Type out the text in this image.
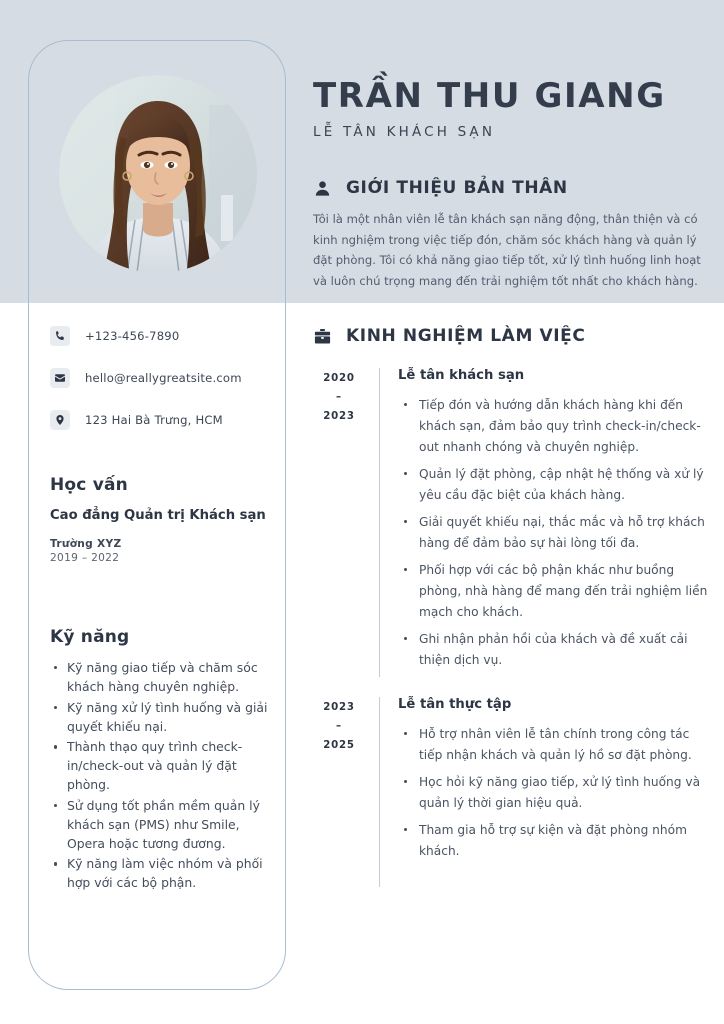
TRẦN THU GIANG
LỄ TÂN KHÁCH SẠN
GIỚI THIỆU BẢN THÂN

Tôi là một nhân viên lễ tân khách sạn năng động, thân thiện và có kinh nghiệm trong việc tiếp đón, chăm sóc khách hàng và quản lý đặt phòng. Tôi có khả năng giao tiếp tốt, xử lý tình huống linh hoạt và luôn chú trọng mang đến trải nghiệm tốt nhất cho khách hàng.

+123-456-7890
hello@reallygreatsite.com
123 Hai Bà Trưng, HCM
Học vấn
Cao đẳng Quản trị Khách sạn
Trường XYZ
2019 – 2022
Kỹ năng
Kỹ năng giao tiếp và chăm sóc khách hàng chuyên nghiệp.
Kỹ năng xử lý tình huống và giải quyết khiếu nại.
Thành thạo quy trình check-in/check-out và quản lý đặt phòng.
Sử dụng tốt phần mềm quản lý khách sạn (PMS) như Smile, Opera hoặc tương đương.
Kỹ năng làm việc nhóm và phối hợp với các bộ phận.
KINH NGHIỆM LÀM VIỆC
2020
–
2023
Lễ tân khách sạn
Tiếp đón và hướng dẫn khách hàng khi đến khách sạn, đảm bảo quy trình check-in/check-out nhanh chóng và chuyên nghiệp.
Quản lý đặt phòng, cập nhật hệ thống và xử lý yêu cầu đặc biệt của khách hàng.
Giải quyết khiếu nại, thắc mắc và hỗ trợ khách hàng để đảm bảo sự hài lòng tối đa.
Phối hợp với các bộ phận khác như buồng phòng, nhà hàng để mang đến trải nghiệm liền mạch cho khách.
Ghi nhận phản hồi của khách và đề xuất cải thiện dịch vụ.
2023
–
2025
Lễ tân thực tập
Hỗ trợ nhân viên lễ tân chính trong công tác tiếp nhận khách và quản lý hồ sơ đặt phòng.
Học hỏi kỹ năng giao tiếp, xử lý tình huống và quản lý thời gian hiệu quả.
Tham gia hỗ trợ sự kiện và đặt phòng nhóm khách.
